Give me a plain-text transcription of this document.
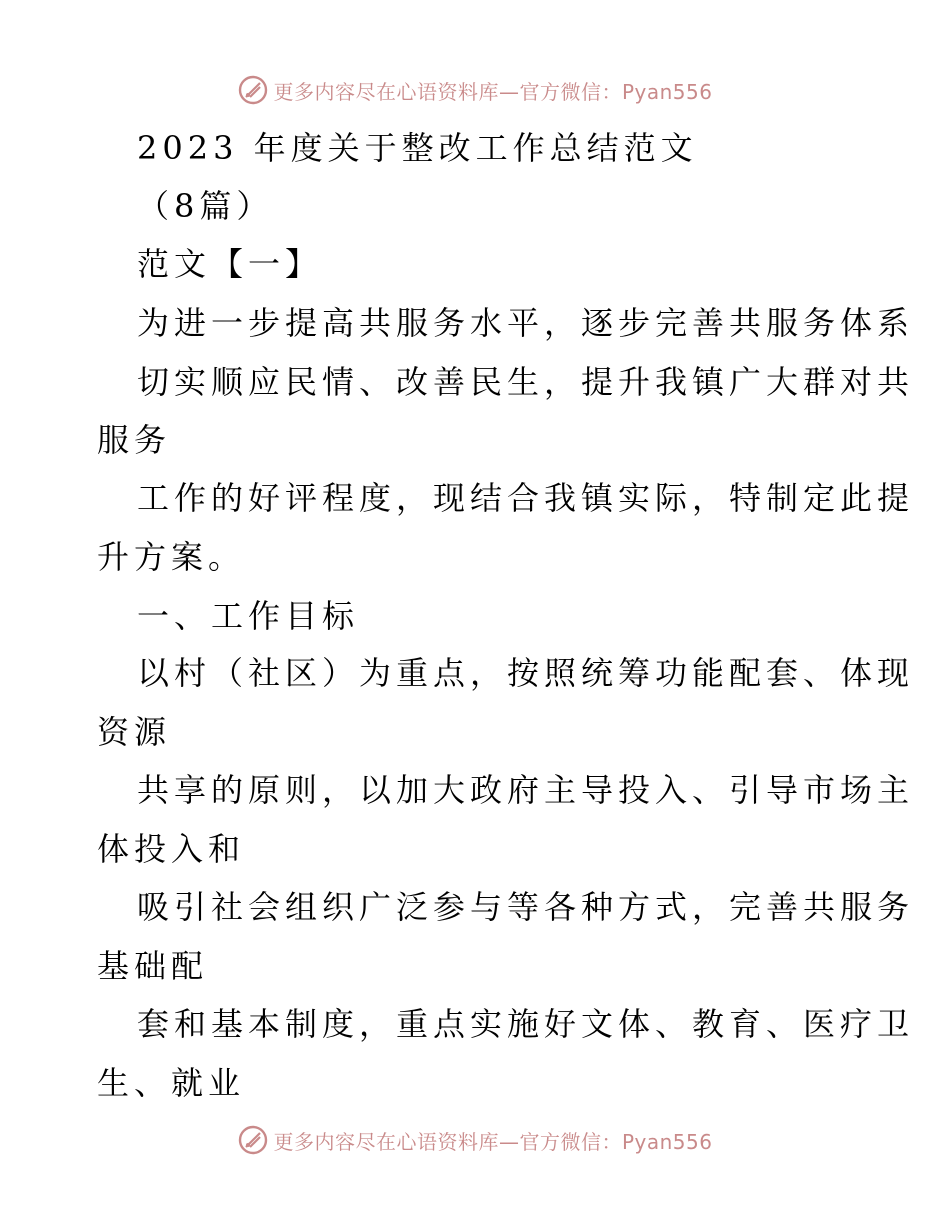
更多内容尽在心语资料库—官方微信：Pyan556
2023 年度关于整改工作总结范文
（8篇）
范文【一】
为进一步提高共服务水平，逐步完善共服务体系
切实顺应民情、改善民生，提升我镇广大群对共
服务
工作的好评程度，现结合我镇实际，特制定此提
升方案。
一、工作目标
以村（社区）为重点，按照统筹功能配套、体现
资源
共享的原则，以加大政府主导投入、引导市场主
体投入和
吸引社会组织广泛参与等各种方式，完善共服务
基础配
套和基本制度，重点实施好文体、教育、医疗卫
生、就业
更多内容尽在心语资料库—官方微信：Pyan556
